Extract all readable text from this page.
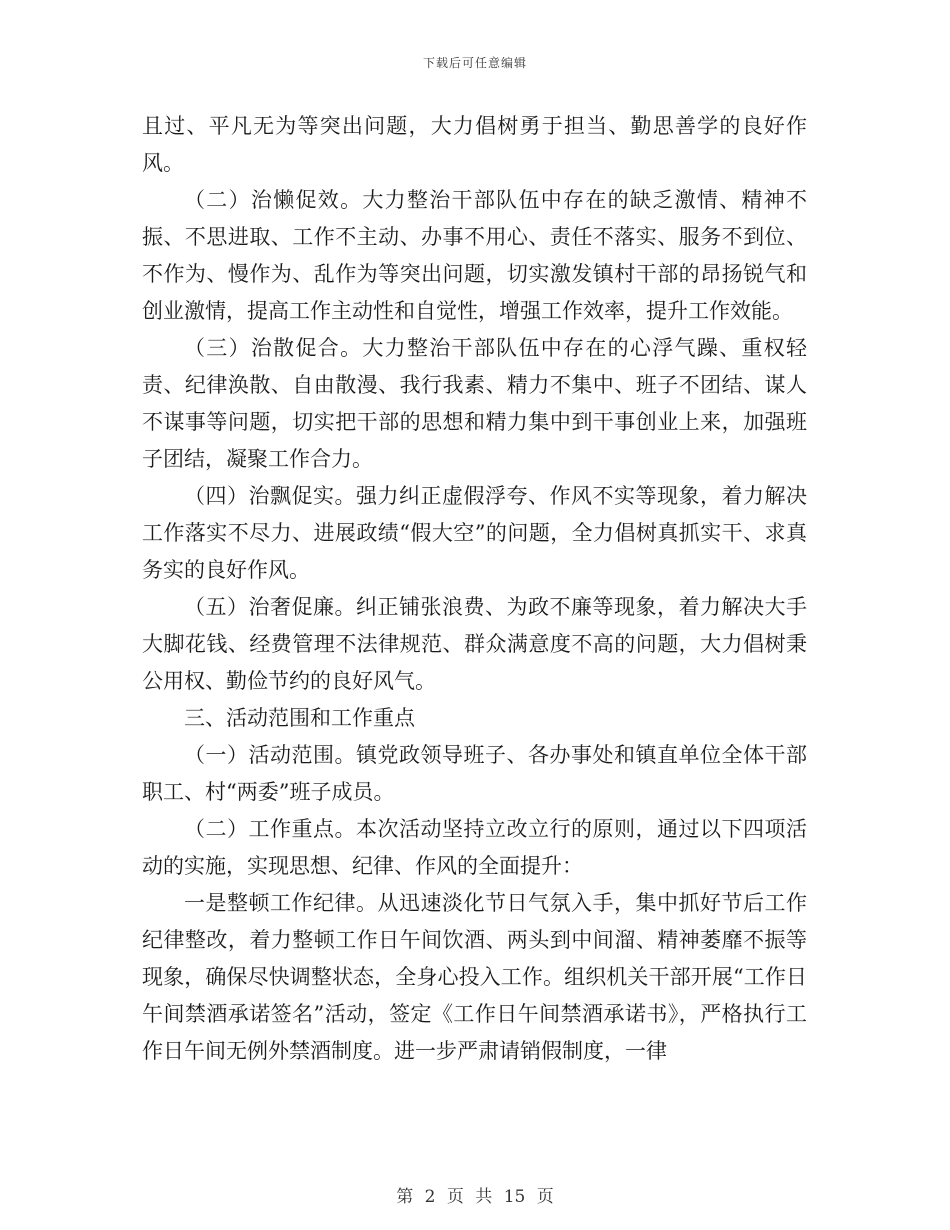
下载后可任意编辑

且过、平凡无为等突出问题，大力倡树勇于担当、勤思善学的良好作风。

（二）治懒促效。大力整治干部队伍中存在的缺乏激情、精神不振、不思进取、工作不主动、办事不用心、责任不落实、服务不到位、不作为、慢作为、乱作为等突出问题，切实激发镇村干部的昂扬锐气和创业激情，提高工作主动性和自觉性，增强工作效率，提升工作效能。

（三）治散促合。大力整治干部队伍中存在的心浮气躁、重权轻责、纪律涣散、自由散漫、我行我素、精力不集中、班子不团结、谋人不谋事等问题，切实把干部的思想和精力集中到干事创业上来，加强班子团结，凝聚工作合力。

（四）治飘促实。强力纠正虚假浮夸、作风不实等现象，着力解决工作落实不尽力、进展政绩“假大空”的问题，全力倡树真抓实干、求真务实的良好作风。

（五）治奢促廉。纠正铺张浪费、为政不廉等现象，着力解决大手大脚花钱、经费管理不法律规范、群众满意度不高的问题，大力倡树秉公用权、勤俭节约的良好风气。

三、活动范围和工作重点

（一）活动范围。镇党政领导班子、各办事处和镇直单位全体干部职工、村“两委”班子成员。

（二）工作重点。本次活动坚持立改立行的原则，通过以下四项活动的实施，实现思想、纪律、作风的全面提升：

一是整顿工作纪律。从迅速淡化节日气氛入手，集中抓好节后工作纪律整改，着力整顿工作日午间饮酒、两头到中间溜、精神萎靡不振等现象，确保尽快调整状态，全身心投入工作。组织机关干部开展“工作日午间禁酒承诺签名”活动，签定《工作日午间禁酒承诺书》，严格执行工作日午间无例外禁酒制度。进一步严肃请销假制度，一律

第 2 页 共 15 页
